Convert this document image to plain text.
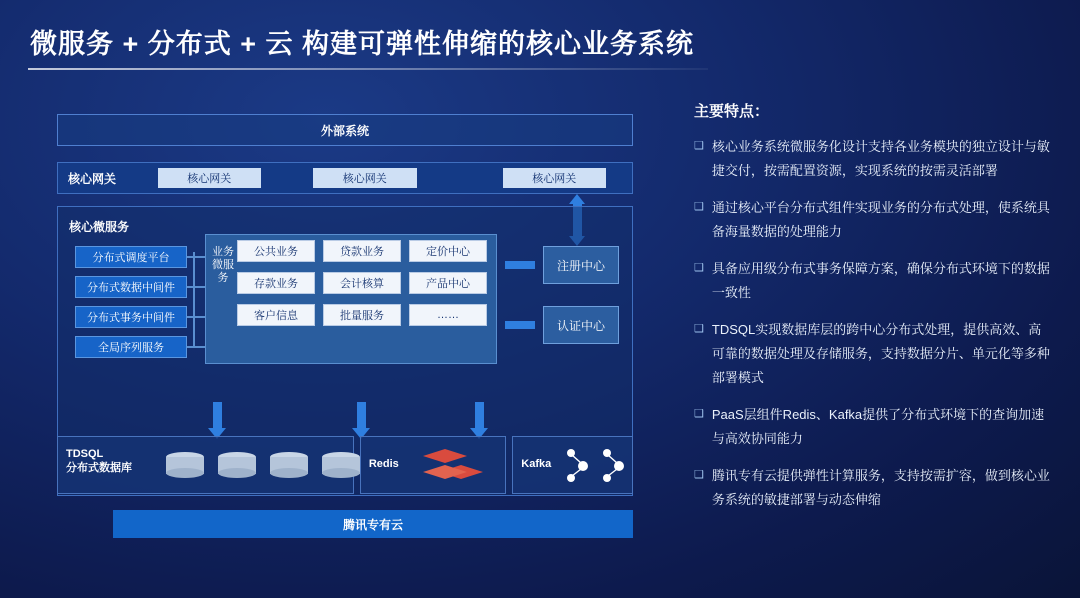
微服务 + 分布式 + 云 构建可弹性伸缩的核心业务系统
外部系统
核心网关	核心网关	核心网关	核心网关
核心微服务
分布式调度平台
分布式数据中间件
分布式事务中间件
全局序列服务
业务微服务
公共业务	贷款业务	定价中心
存款业务	会计核算	产品中心
客户信息	批量服务	……
注册中心
认证中心
TDSQL
分布式数据库	Redis	Kafka
腾讯专有云
主要特点：
❑ 核心业务系统微服务化设计支持各业务模块的独立设计与敏捷交付，按需配置资源，实现系统的按需灵活部署
❑ 通过核心平台分布式组件实现业务的分布式处理，使系统具备海量数据的处理能力
❑ 具备应用级分布式事务保障方案，确保分布式环境下的数据一致性
❑ TDSQL实现数据库层的跨中心分布式处理，提供高效、高可靠的数据处理及存储服务，支持数据分片、单元化等多种部署模式
❑ PaaS层组件Redis、Kafka提供了分布式环境下的查询加速与高效协同能力
❑ 腾讯专有云提供弹性计算服务，支持按需扩容，做到核心业务系统的敏捷部署与动态伸缩
